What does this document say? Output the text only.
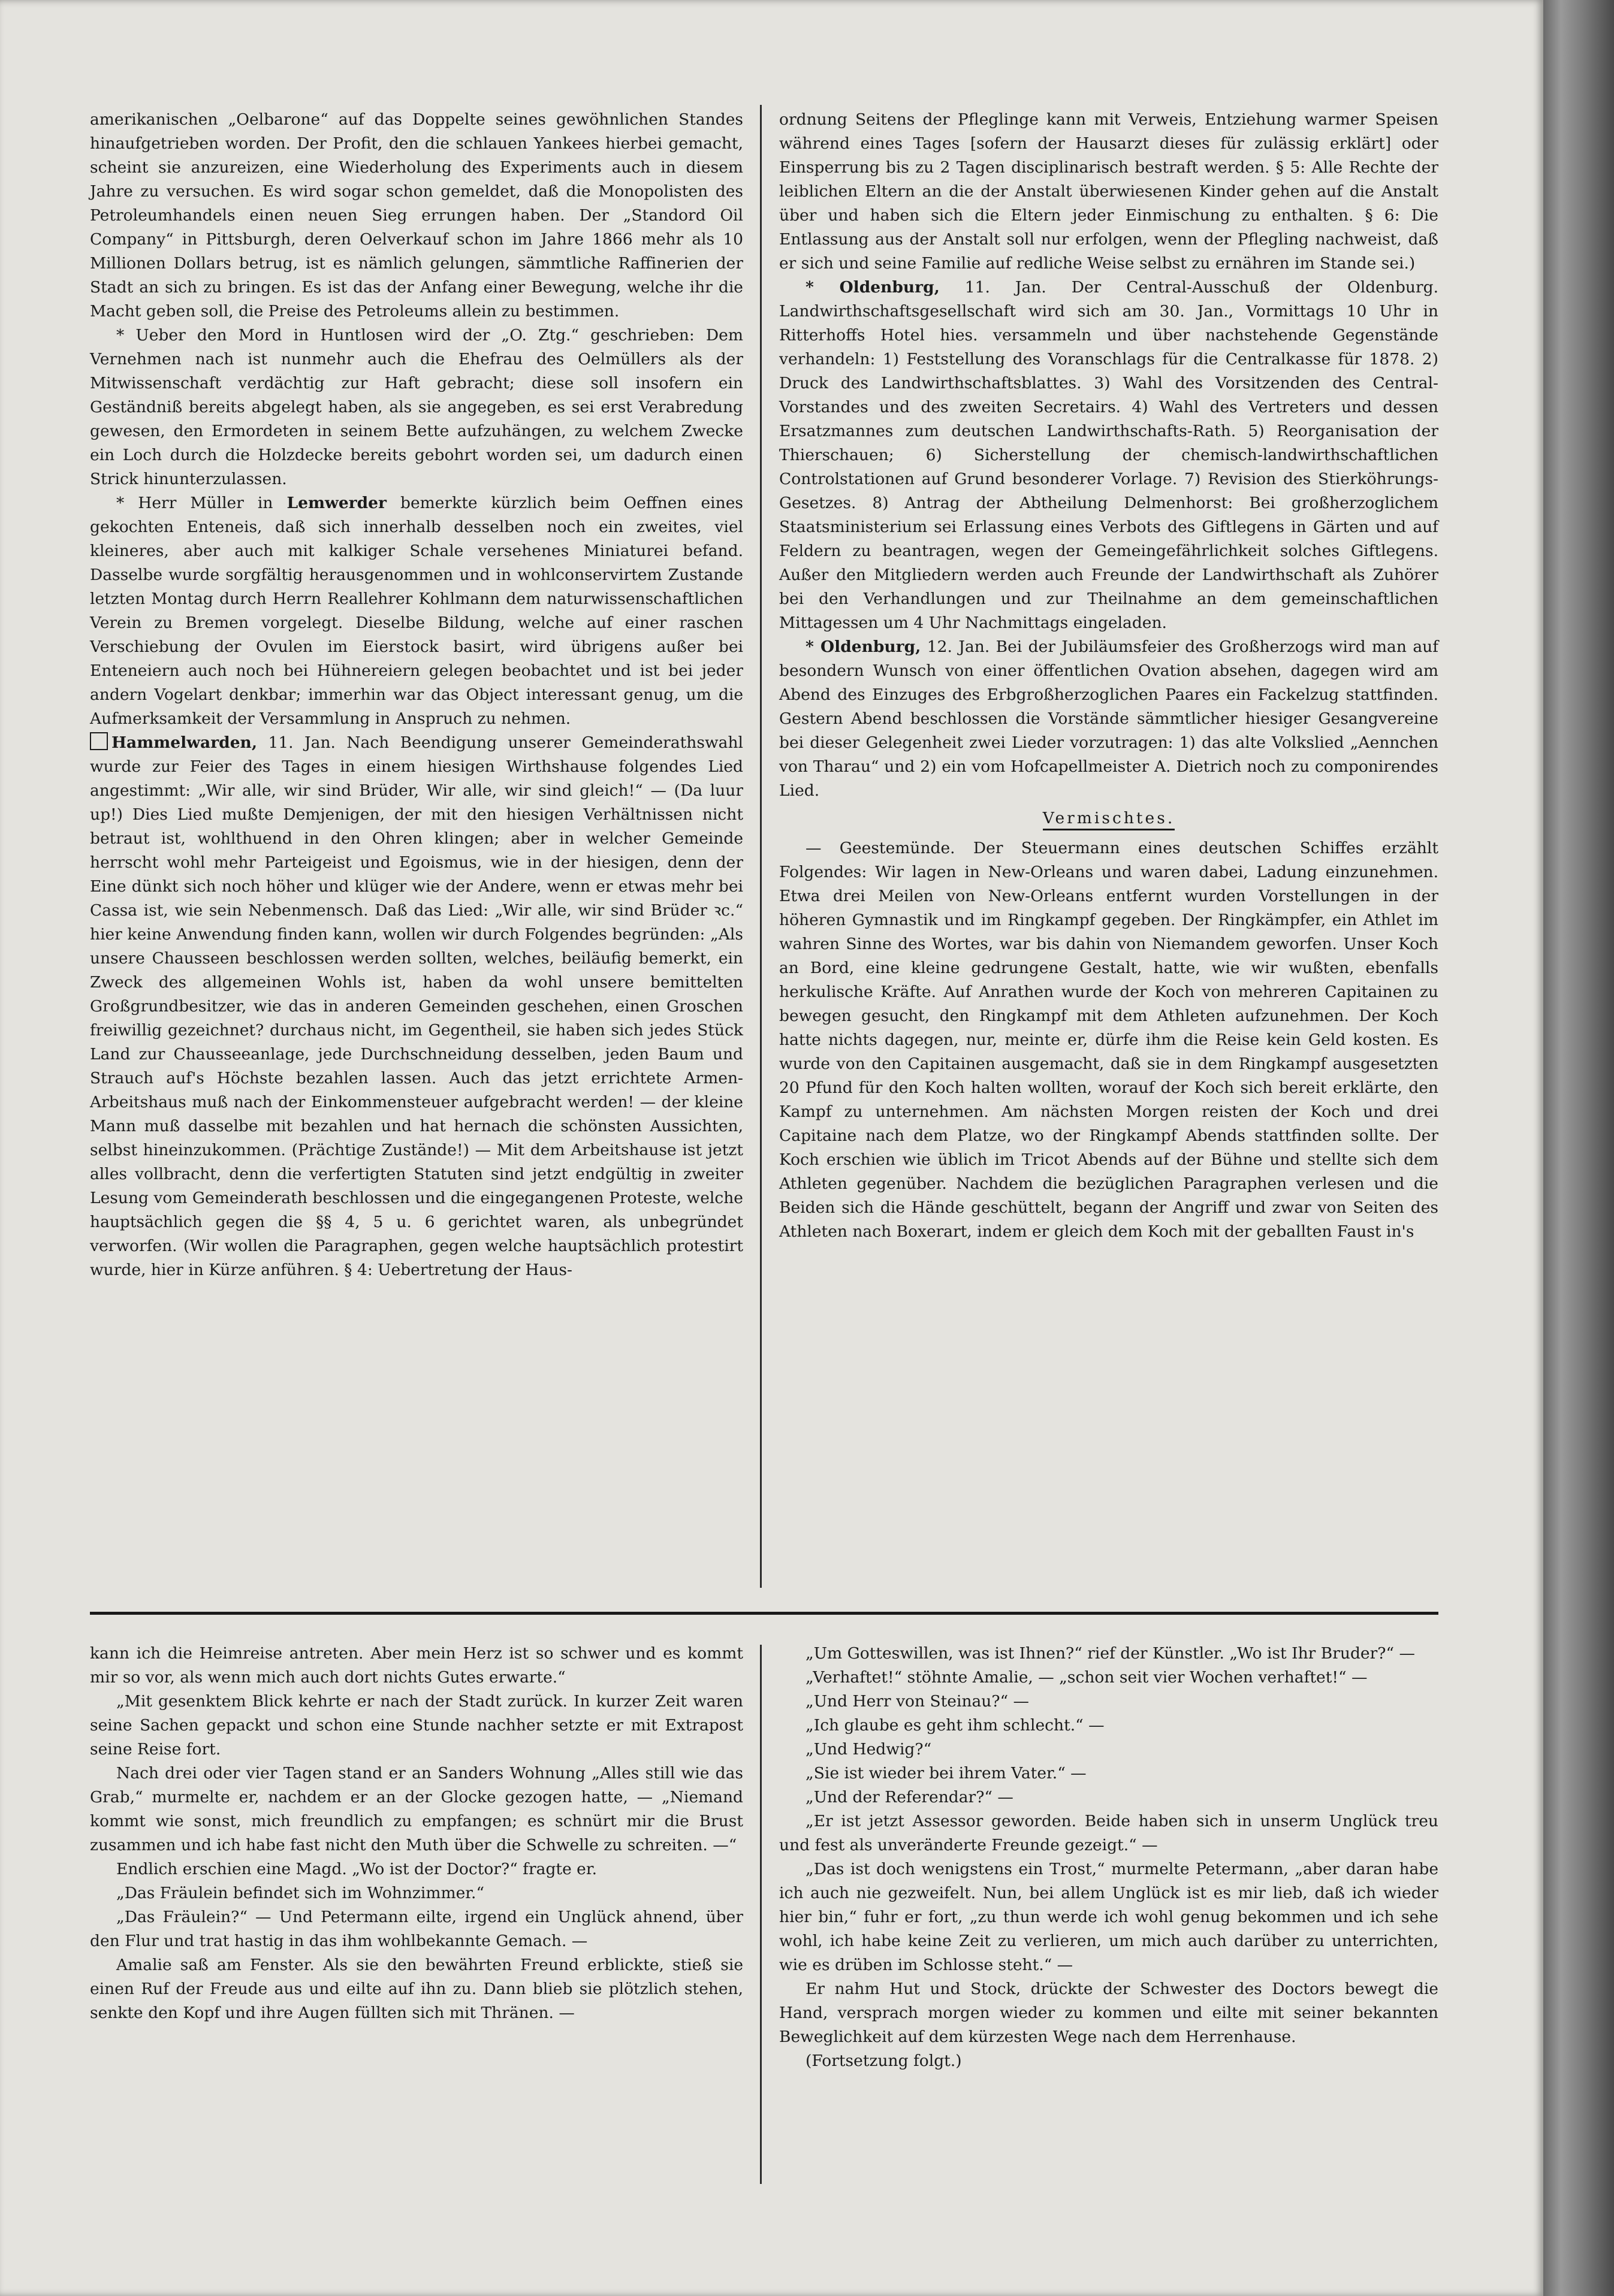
amerikanischen „Oelbarone“ auf das Doppelte seines gewöhnlichen Standes hinaufgetrieben worden. Der Profit, den die schlauen Yankees hierbei gemacht, scheint sie anzureizen, eine Wiederholung des Experiments auch in diesem Jahre zu versuchen. Es wird sogar schon gemeldet, daß die Monopolisten des Petroleumhandels einen neuen Sieg errungen haben. Der „Standord Oil Company“ in Pittsburgh, deren Oelverkauf schon im Jahre 1866 mehr als 10 Millionen Dollars betrug, ist es nämlich gelungen, sämmtliche Raffinerien der Stadt an sich zu bringen. Es ist das der Anfang einer Bewegung, welche ihr die Macht geben soll, die Preise des Petroleums allein zu bestimmen.

* Ueber den Mord in Huntlosen wird der „O. Ztg.“ geschrieben: Dem Vernehmen nach ist nunmehr auch die Ehefrau des Oelmüllers als der Mitwissenschaft verdächtig zur Haft gebracht; diese soll insofern ein Geständniß bereits abgelegt haben, als sie angegeben, es sei erst Verabredung gewesen, den Ermordeten in seinem Bette aufzuhängen, zu welchem Zwecke ein Loch durch die Holzdecke bereits gebohrt worden sei, um dadurch einen Strick hinunterzulassen.

* Herr Müller in Lemwerder bemerkte kürzlich beim Oeffnen eines gekochten Enteneis, daß sich innerhalb desselben noch ein zweites, viel kleineres, aber auch mit kalkiger Schale versehenes Miniaturei befand. Dasselbe wurde sorgfältig herausgenommen und in wohlconservirtem Zustande letzten Montag durch Herrn Reallehrer Kohlmann dem naturwissenschaftlichen Verein zu Bremen vorgelegt. Dieselbe Bildung, welche auf einer raschen Verschiebung der Ovulen im Eierstock basirt, wird übrigens außer bei Enteneiern auch noch bei Hühnereiern gelegen beobachtet und ist bei jeder andern Vogelart denkbar; immerhin war das Object interessant genug, um die Aufmerksamkeit der Versammlung in Anspruch zu nehmen.

Hammelwarden, 11. Jan. Nach Beendigung unserer Gemeinderathswahl wurde zur Feier des Tages in einem hiesigen Wirthshause folgendes Lied angestimmt: „Wir alle, wir sind Brüder, Wir alle, wir sind gleich!“ — (Da luur up!) Dies Lied mußte Demjenigen, der mit den hiesigen Verhältnissen nicht betraut ist, wohlthuend in den Ohren klingen; aber in welcher Gemeinde herrscht wohl mehr Parteigeist und Egoismus, wie in der hiesigen, denn der Eine dünkt sich noch höher und klüger wie der Andere, wenn er etwas mehr bei Cassa ist, wie sein Nebenmensch. Daß das Lied: „Wir alle, wir sind Brüder ꝛc.“ hier keine Anwendung finden kann, wollen wir durch Folgendes begründen: „Als unsere Chausseen beschlossen werden sollten, welches, beiläufig bemerkt, ein Zweck des allgemeinen Wohls ist, haben da wohl unsere bemittelten Großgrundbesitzer, wie das in anderen Gemeinden geschehen, einen Groschen freiwillig gezeichnet? durchaus nicht, im Gegentheil, sie haben sich jedes Stück Land zur Chausseeanlage, jede Durchschneidung desselben, jeden Baum und Strauch auf's Höchste bezahlen lassen. Auch das jetzt errichtete Armen-Arbeitshaus muß nach der Einkommensteuer aufgebracht werden! — der kleine Mann muß dasselbe mit bezahlen und hat hernach die schönsten Aussichten, selbst hineinzukommen. (Prächtige Zustände!) — Mit dem Arbeitshause ist jetzt alles vollbracht, denn die verfertigten Statuten sind jetzt endgültig in zweiter Lesung vom Gemeinderath beschlossen und die eingegangenen Proteste, welche hauptsächlich gegen die §§ 4, 5 u. 6 gerichtet waren, als unbegründet verworfen. (Wir wollen die Paragraphen, gegen welche hauptsächlich protestirt wurde, hier in Kürze anführen. § 4: Uebertretung der Haus-

ordnung Seitens der Pfleglinge kann mit Verweis, Entziehung warmer Speisen während eines Tages [sofern der Hausarzt dieses für zulässig erklärt] oder Einsperrung bis zu 2 Tagen disciplinarisch bestraft werden. § 5: Alle Rechte der leiblichen Eltern an die der Anstalt überwiesenen Kinder gehen auf die Anstalt über und haben sich die Eltern jeder Einmischung zu enthalten. § 6: Die Entlassung aus der Anstalt soll nur erfolgen, wenn der Pflegling nachweist, daß er sich und seine Familie auf redliche Weise selbst zu ernähren im Stande sei.)

* Oldenburg, 11. Jan. Der Central-Ausschuß der Oldenburg. Landwirthschaftsgesellschaft wird sich am 30. Jan., Vormittags 10 Uhr in Ritterhoffs Hotel hies. versammeln und über nachstehende Gegenstände verhandeln: 1) Feststellung des Voranschlags für die Centralkasse für 1878. 2) Druck des Landwirthschaftsblattes. 3) Wahl des Vorsitzenden des Central-Vorstandes und des zweiten Secretairs. 4) Wahl des Vertreters und dessen Ersatzmannes zum deutschen Landwirthschafts-Rath. 5) Reorganisation der Thierschauen; 6) Sicherstellung der chemisch-landwirthschaftlichen Controlstationen auf Grund besonderer Vorlage. 7) Revision des Stierköhrungs-Gesetzes. 8) Antrag der Abtheilung Delmenhorst: Bei großherzoglichem Staatsministerium sei Erlassung eines Verbots des Giftlegens in Gärten und auf Feldern zu beantragen, wegen der Gemeingefährlichkeit solches Giftlegens. Außer den Mitgliedern werden auch Freunde der Landwirthschaft als Zuhörer bei den Verhandlungen und zur Theilnahme an dem gemeinschaftlichen Mittagessen um 4 Uhr Nachmittags eingeladen.

* Oldenburg, 12. Jan. Bei der Jubiläumsfeier des Großherzogs wird man auf besondern Wunsch von einer öffentlichen Ovation absehen, dagegen wird am Abend des Einzuges des Erbgroßherzoglichen Paares ein Fackelzug stattfinden. Gestern Abend beschlossen die Vorstände sämmtlicher hiesiger Gesangvereine bei dieser Gelegenheit zwei Lieder vorzutragen: 1) das alte Volkslied „Aennchen von Tharau“ und 2) ein vom Hofcapellmeister A. Dietrich noch zu componirendes Lied.

Vermischtes.

— Geestemünde. Der Steuermann eines deutschen Schiffes erzählt Folgendes: Wir lagen in New-Orleans und waren dabei, Ladung einzunehmen. Etwa drei Meilen von New-Orleans entfernt wurden Vorstellungen in der höheren Gymnastik und im Ringkampf gegeben. Der Ringkämpfer, ein Athlet im wahren Sinne des Wortes, war bis dahin von Niemandem geworfen. Unser Koch an Bord, eine kleine gedrungene Gestalt, hatte, wie wir wußten, ebenfalls herkulische Kräfte. Auf Anrathen wurde der Koch von mehreren Capitainen zu bewegen gesucht, den Ringkampf mit dem Athleten aufzunehmen. Der Koch hatte nichts dagegen, nur, meinte er, dürfe ihm die Reise kein Geld kosten. Es wurde von den Capitainen ausgemacht, daß sie in dem Ringkampf ausgesetzten 20 Pfund für den Koch halten wollten, worauf der Koch sich bereit erklärte, den Kampf zu unternehmen. Am nächsten Morgen reisten der Koch und drei Capitaine nach dem Platze, wo der Ringkampf Abends stattfinden sollte. Der Koch erschien wie üblich im Tricot Abends auf der Bühne und stellte sich dem Athleten gegenüber. Nachdem die bezüglichen Paragraphen verlesen und die Beiden sich die Hände geschüttelt, begann der Angriff und zwar von Seiten des Athleten nach Boxerart, indem er gleich dem Koch mit der geballten Faust in's

kann ich die Heimreise antreten. Aber mein Herz ist so schwer und es kommt mir so vor, als wenn mich auch dort nichts Gutes erwarte.“

„Mit gesenktem Blick kehrte er nach der Stadt zurück. In kurzer Zeit waren seine Sachen gepackt und schon eine Stunde nachher setzte er mit Extrapost seine Reise fort.

Nach drei oder vier Tagen stand er an Sanders Wohnung „Alles still wie das Grab,“ murmelte er, nachdem er an der Glocke gezogen hatte, — „Niemand kommt wie sonst, mich freundlich zu empfangen; es schnürt mir die Brust zusammen und ich habe fast nicht den Muth über die Schwelle zu schreiten. —“

Endlich erschien eine Magd. „Wo ist der Doctor?“ fragte er.

„Das Fräulein befindet sich im Wohnzimmer.“

„Das Fräulein?“ — Und Petermann eilte, irgend ein Unglück ahnend, über den Flur und trat hastig in das ihm wohlbekannte Gemach. —

Amalie saß am Fenster. Als sie den bewährten Freund erblickte, stieß sie einen Ruf der Freude aus und eilte auf ihn zu. Dann blieb sie plötzlich stehen, senkte den Kopf und ihre Augen füllten sich mit Thränen. —

„Um Gotteswillen, was ist Ihnen?“ rief der Künstler. „Wo ist Ihr Bruder?“ —

„Verhaftet!“ stöhnte Amalie, — „schon seit vier Wochen verhaftet!“ —

„Und Herr von Steinau?“ —

„Ich glaube es geht ihm schlecht.“ —

„Und Hedwig?“

„Sie ist wieder bei ihrem Vater.“ —

„Und der Referendar?“ —

„Er ist jetzt Assessor geworden. Beide haben sich in unserm Unglück treu und fest als unveränderte Freunde gezeigt.“ —

„Das ist doch wenigstens ein Trost,“ murmelte Petermann, „aber daran habe ich auch nie gezweifelt. Nun, bei allem Unglück ist es mir lieb, daß ich wieder hier bin,“ fuhr er fort, „zu thun werde ich wohl genug bekommen und ich sehe wohl, ich habe keine Zeit zu verlieren, um mich auch darüber zu unterrichten, wie es drüben im Schlosse steht.“ —

Er nahm Hut und Stock, drückte der Schwester des Doctors bewegt die Hand, versprach morgen wieder zu kommen und eilte mit seiner bekannten Beweglichkeit auf dem kürzesten Wege nach dem Herrenhause.

(Fortsetzung folgt.)
